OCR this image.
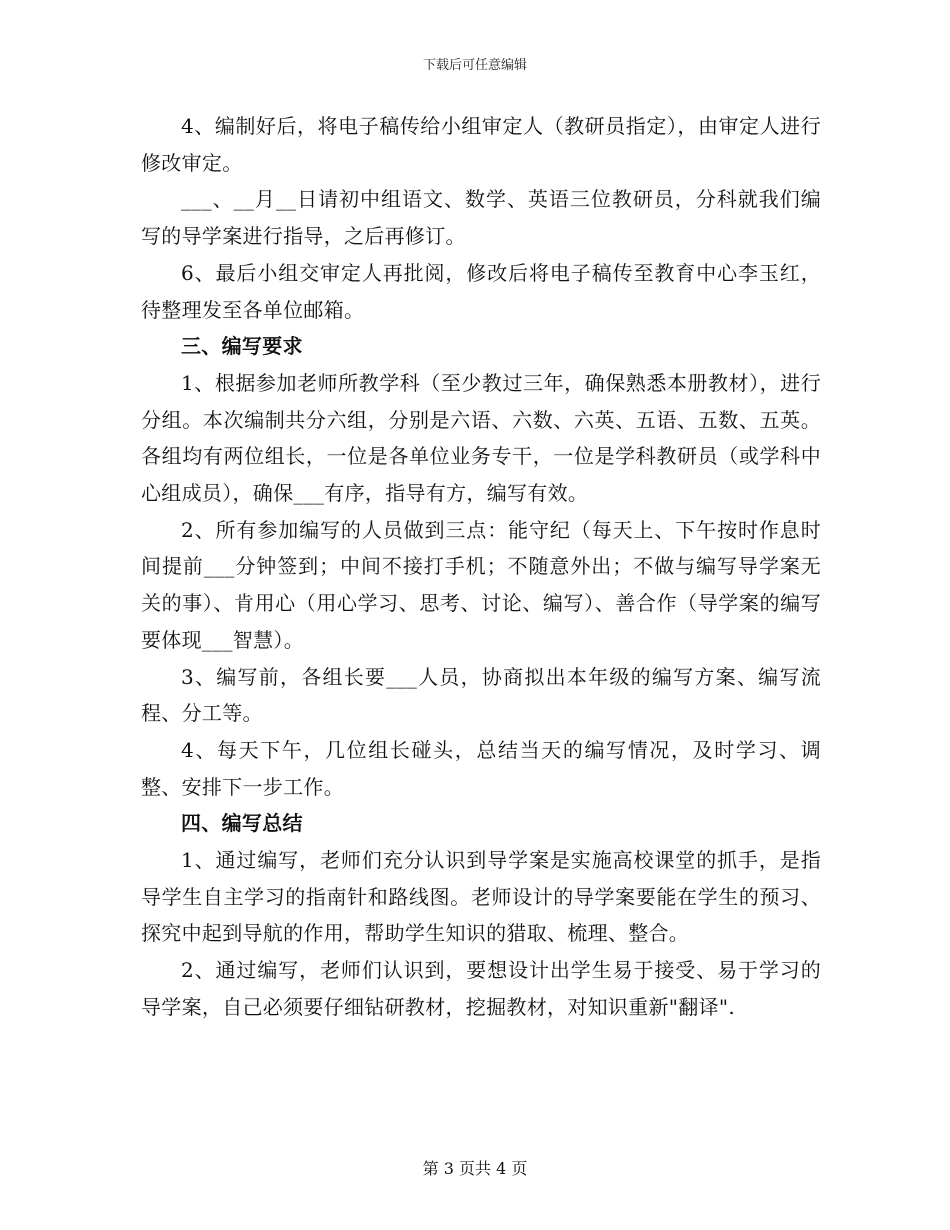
下载后可任意编辑

4、编制好后，将电子稿传给小组审定人（教研员指定），由审定人进行修改审定。

___、__月__日请初中组语文、数学、英语三位教研员，分科就我们编写的导学案进行指导，之后再修订。

6、最后小组交审定人再批阅，修改后将电子稿传至教育中心李玉红，待整理发至各单位邮箱。

三、编写要求

1、根据参加老师所教学科（至少教过三年，确保熟悉本册教材），进行分组。本次编制共分六组，分别是六语、六数、六英、五语、五数、五英。各组均有两位组长，一位是各单位业务专干，一位是学科教研员（或学科中心组成员），确保___有序，指导有方，编写有效。

2、所有参加编写的人员做到三点：能守纪（每天上、下午按时作息时间提前___分钟签到；中间不接打手机；不随意外出；不做与编写导学案无关的事）、肯用心（用心学习、思考、讨论、编写）、善合作（导学案的编写要体现___智慧）。

3、编写前，各组长要___人员，协商拟出本年级的编写方案、编写流程、分工等。

4、每天下午，几位组长碰头，总结当天的编写情况，及时学习、调整、安排下一步工作。

四、编写总结

1、通过编写，老师们充分认识到导学案是实施高校课堂的抓手，是指导学生自主学习的指南针和路线图。老师设计的导学案要能在学生的预习、探究中起到导航的作用，帮助学生知识的猎取、梳理、整合。

2、通过编写，老师们认识到，要想设计出学生易于接受、易于学习的导学案，自己必须要仔细钻研教材，挖掘教材，对知识重新"翻译".

第 3 页共 4 页
